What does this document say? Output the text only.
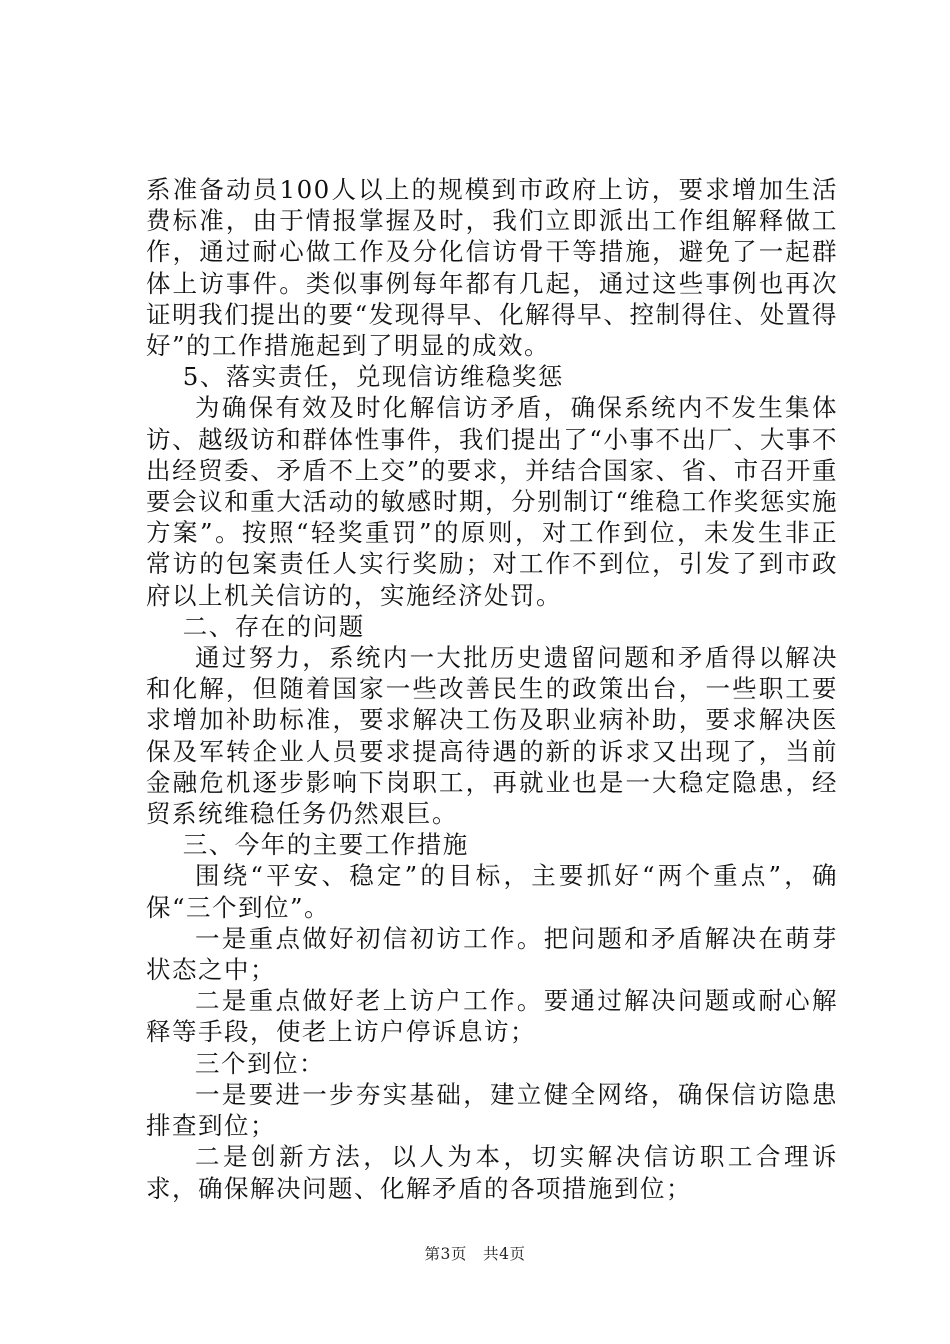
系准备动员100人以上的规模到市政府上访，要求增加生活费标准，由于情报掌握及时，我们立即派出工作组解释做工作，通过耐心做工作及分化信访骨干等措施，避免了一起群体上访事件。类似事例每年都有几起，通过这些事例也再次证明我们提出的要“发现得早、化解得早、控制得住、处置得好”的工作措施起到了明显的成效。

5、落实责任，兑现信访维稳奖惩

为确保有效及时化解信访矛盾，确保系统内不发生集体访、越级访和群体性事件，我们提出了“小事不出厂、大事不出经贸委、矛盾不上交”的要求，并结合国家、省、市召开重要会议和重大活动的敏感时期，分别制订“维稳工作奖惩实施方案”。按照“轻奖重罚”的原则，对工作到位，未发生非正常访的包案责任人实行奖励；对工作不到位，引发了到市政府以上机关信访的，实施经济处罚。

二、存在的问题

通过努力，系统内一大批历史遗留问题和矛盾得以解决和化解，但随着国家一些改善民生的政策出台，一些职工要求增加补助标准，要求解决工伤及职业病补助，要求解决医保及军转企业人员要求提高待遇的新的诉求又出现了，当前金融危机逐步影响下岗职工，再就业也是一大稳定隐患，经贸系统维稳任务仍然艰巨。

三、今年的主要工作措施

围绕“平安、稳定”的目标，主要抓好“两个重点”，确保“三个到位”。

一是重点做好初信初访工作。把问题和矛盾解决在萌芽状态之中；

二是重点做好老上访户工作。要通过解决问题或耐心解释等手段，使老上访户停诉息访；

三个到位：

一是要进一步夯实基础，建立健全网络，确保信访隐患排查到位；

二是创新方法，以人为本，切实解决信访职工合理诉求，确保解决问题、化解矛盾的各项措施到位；

第3页 共4页
